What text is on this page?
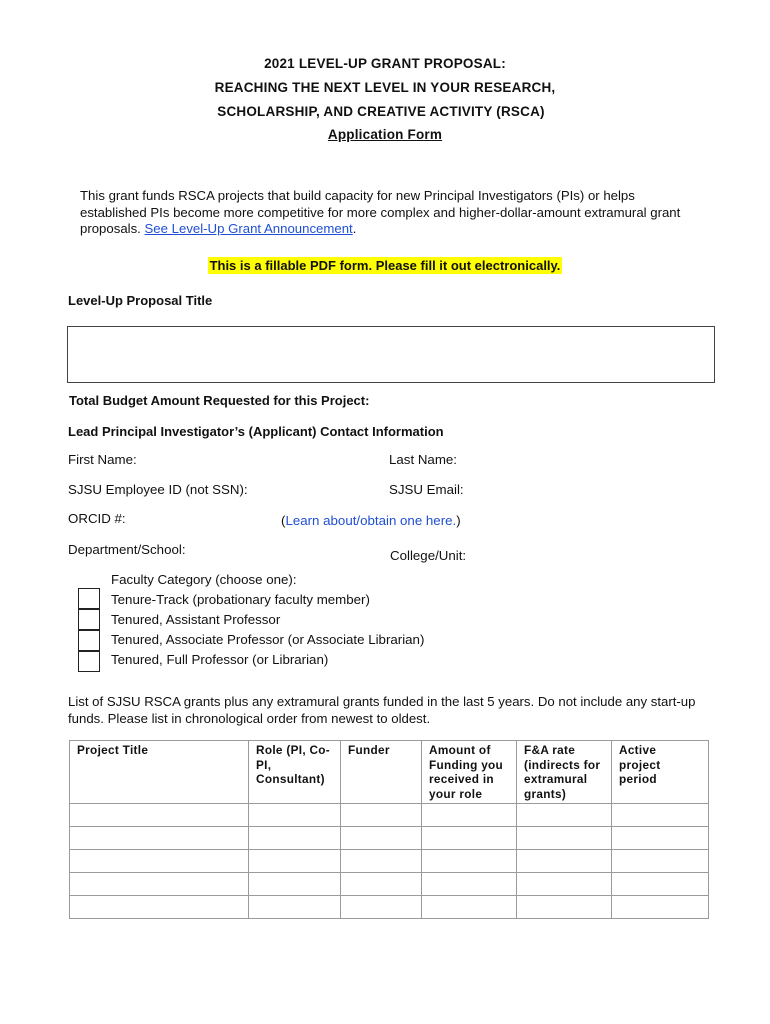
2021 LEVEL-UP GRANT PROPOSAL:
REACHING THE NEXT LEVEL IN YOUR RESEARCH,
SCHOLARSHIP, AND CREATIVE ACTIVITY (RSCA)
Application Form
This grant funds RSCA projects that build capacity for new Principal Investigators (PIs) or helps established PIs become more competitive for more complex and higher-dollar-amount extramural grant proposals. See Level-Up Grant Announcement.
This is a fillable PDF form. Please fill it out electronically.
Level-Up Proposal Title
Total Budget Amount Requested for this Project:
Lead Principal Investigator’s (Applicant) Contact Information
First Name:	Last Name:
SJSU Employee ID (not SSN):	SJSU Email:
ORCID #:	(Learn about/obtain one here.)
Department/School:	College/Unit:
Faculty Category (choose one):
Tenure-Track (probationary faculty member)
Tenured, Assistant Professor
Tenured, Associate Professor (or Associate Librarian)
Tenured, Full Professor (or Librarian)
List of SJSU RSCA grants plus any extramural grants funded in the last 5 years. Do not include any start-up funds. Please list in chronological order from newest to oldest.
Project Title	Role (PI, Co-PI, Consultant)	Funder	Amount of Funding you received in your role	F&A rate (indirects for extramural grants)	Active project period
